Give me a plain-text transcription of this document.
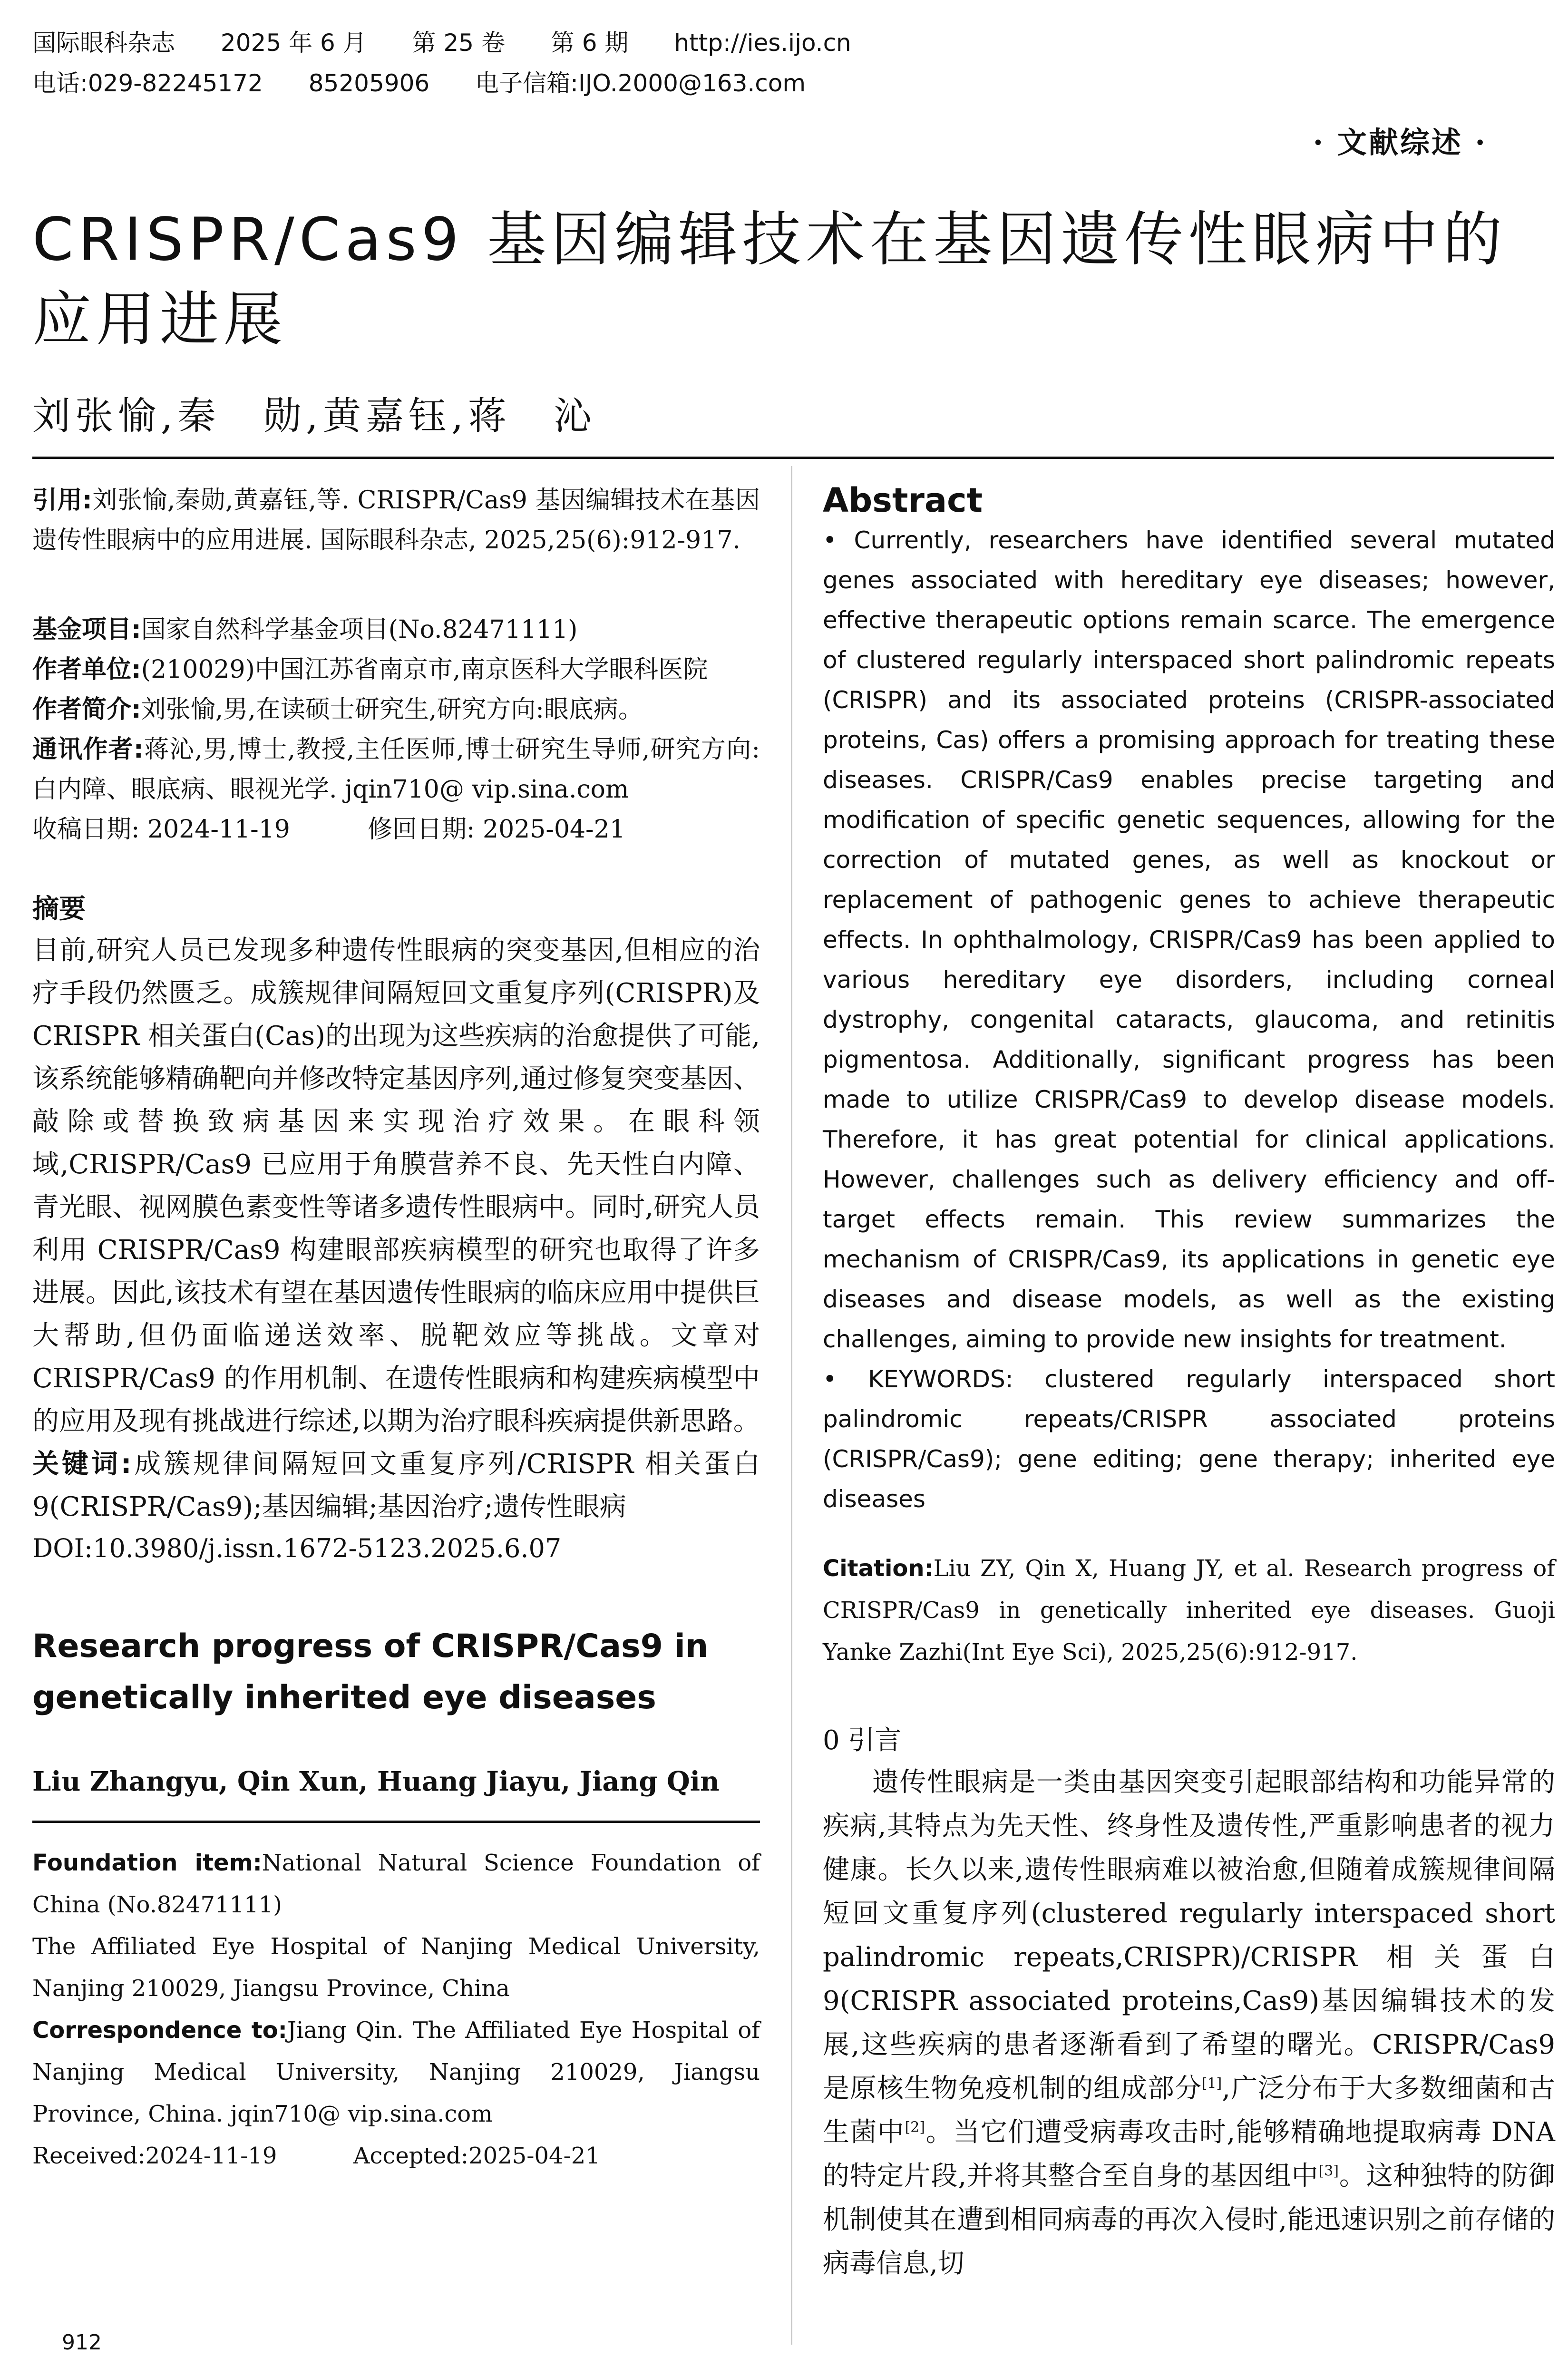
国际眼科杂志 2025 年 6 月 第 25 卷 第 6 期 http://ies.ijo.cn
电话:029-82245172 85205906 电子信箱:IJO.2000@163.com
· 文献综述 ·
CRISPR/Cas9 基因编辑技术在基因遗传性眼病中的应用进展
刘张愉,秦　勋,黄嘉钰,蒋　沁

引用:刘张愉,秦勋,黄嘉钰,等. CRISPR/Cas9 基因编辑技术在基因遗传性眼病中的应用进展. 国际眼科杂志, 2025,25(6):912-917.

基金项目:国家自然科学基金项目(No.82471111)

作者单位:(210029)中国江苏省南京市,南京医科大学眼科医院

作者简介:刘张愉,男,在读硕士研究生,研究方向:眼底病。

通讯作者:蒋沁,男,博士,教授,主任医师,博士研究生导师,研究方向:白内障、眼底病、眼视光学. jqin710@ vip.sina.com

收稿日期: 2024-11-19	修回日期: 2025-04-21

摘要

目前,研究人员已发现多种遗传性眼病的突变基因,但相应的治疗手段仍然匮乏。成簇规律间隔短回文重复序列(CRISPR)及 CRISPR 相关蛋白(Cas)的出现为这些疾病的治愈提供了可能,该系统能够精确靶向并修改特定基因序列,通过修复突变基因、敲除或替换致病基因来实现治疗效果。在眼科领域,CRISPR/Cas9 已应用于角膜营养不良、先天性白内障、青光眼、视网膜色素变性等诸多遗传性眼病中。同时,研究人员利用 CRISPR/Cas9 构建眼部疾病模型的研究也取得了许多进展。因此,该技术有望在基因遗传性眼病的临床应用中提供巨大帮助,但仍面临递送效率、脱靶效应等挑战。文章对 CRISPR/Cas9 的作用机制、在遗传性眼病和构建疾病模型中的应用及现有挑战进行综述,以期为治疗眼科疾病提供新思路。

关键词:成簇规律间隔短回文重复序列/CRISPR 相关蛋白 9(CRISPR/Cas9);基因编辑;基因治疗;遗传性眼病

DOI:10.3980/j.issn.1672-5123.2025.6.07

Research progress of CRISPR/Cas9 in genetically inherited eye diseases
Liu Zhangyu, Qin Xun, Huang Jiayu, Jiang Qin

Foundation item:National Natural Science Foundation of China (No.82471111)

The Affiliated Eye Hospital of Nanjing Medical University, Nanjing 210029, Jiangsu Province, China

Correspondence to:Jiang Qin. The Affiliated Eye Hospital of Nanjing Medical University, Nanjing 210029, Jiangsu Province, China. jqin710@ vip.sina.com

Received:2024-11-19	Accepted:2025-04-21

Abstract

• Currently, researchers have identified several mutated genes associated with hereditary eye diseases; however, effective therapeutic options remain scarce. The emergence of clustered regularly interspaced short palindromic repeats (CRISPR) and its associated proteins (CRISPR-associated proteins, Cas) offers a promising approach for treating these diseases. CRISPR/Cas9 enables precise targeting and modification of specific genetic sequences, allowing for the correction of mutated genes, as well as knockout or replacement of pathogenic genes to achieve therapeutic effects. In ophthalmology, CRISPR/Cas9 has been applied to various hereditary eye disorders, including corneal dystrophy, congenital cataracts, glaucoma, and retinitis pigmentosa. Additionally, significant progress has been made to utilize CRISPR/Cas9 to develop disease models. Therefore, it has great potential for clinical applications. However, challenges such as delivery efficiency and off-target effects remain. This review summarizes the mechanism of CRISPR/Cas9, its applications in genetic eye diseases and disease models, as well as the existing challenges, aiming to provide new insights for treatment.

• KEYWORDS: clustered regularly interspaced short palindromic repeats/CRISPR associated proteins (CRISPR/Cas9); gene editing; gene therapy; inherited eye diseases

Citation:Liu ZY, Qin X, Huang JY, et al. Research progress of CRISPR/Cas9 in genetically inherited eye diseases. Guoji Yanke Zazhi(Int Eye Sci), 2025,25(6):912-917.

0 引言

遗传性眼病是一类由基因突变引起眼部结构和功能异常的疾病,其特点为先天性、终身性及遗传性,严重影响患者的视力健康。长久以来,遗传性眼病难以被治愈,但随着成簇规律间隔短回文重复序列(clustered regularly interspaced short palindromic repeats,CRISPR)/CRISPR 相关蛋白 9(CRISPR associated proteins,Cas9)基因编辑技术的发展,这些疾病的患者逐渐看到了希望的曙光。CRISPR/Cas9 是原核生物免疫机制的组成部分[1],广泛分布于大多数细菌和古生菌中[2]。当它们遭受病毒攻击时,能够精确地提取病毒 DNA 的特定片段,并将其整合至自身的基因组中[3]。这种独特的防御机制使其在遭到相同病毒的再次入侵时,能迅速识别之前存储的病毒信息,切

912
